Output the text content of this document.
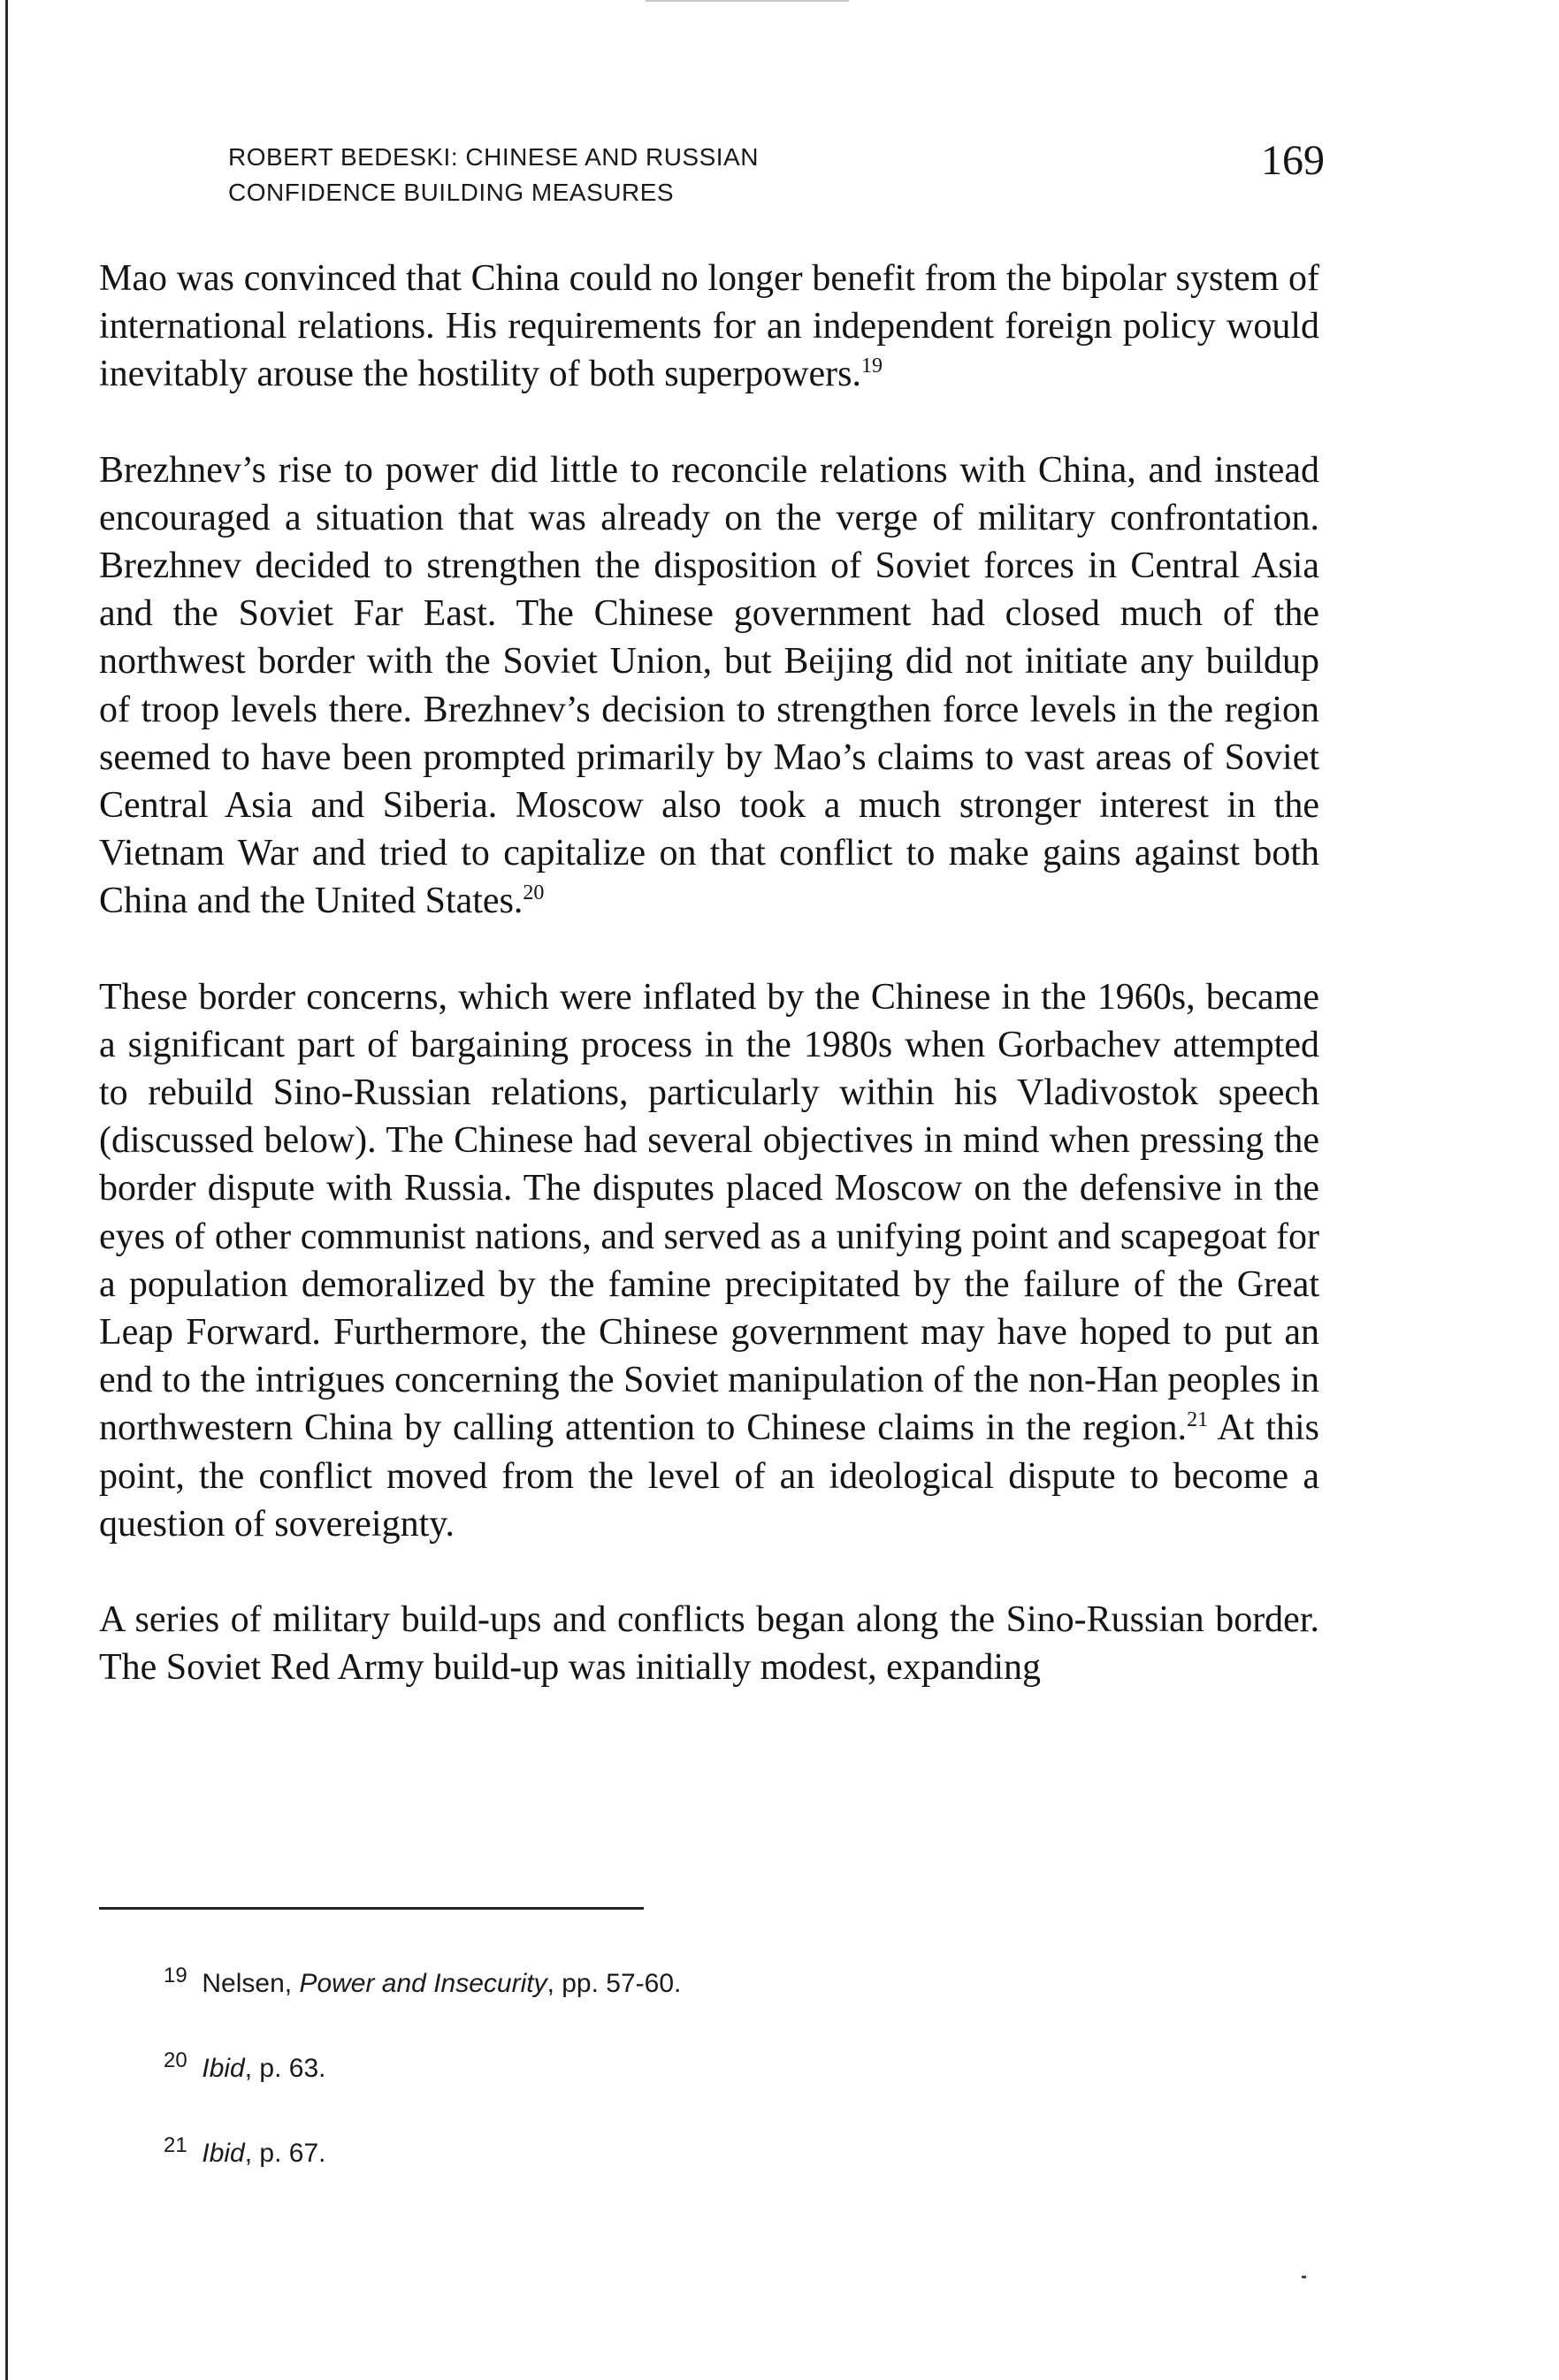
ROBERT BEDESKI: CHINESE AND RUSSIAN
CONFIDENCE BUILDING MEASURES
169

Mao was convinced that China could no longer benefit from the bipolar system of international relations. His requirements for an independent foreign policy would inevitably arouse the hostility of both superpowers.$^{19}$

Brezhnev’s rise to power did little to reconcile relations with China, and instead encouraged a situation that was already on the verge of military confrontation. Brezhnev decided to strengthen the disposition of Soviet forces in Central Asia and the Soviet Far East. The Chinese government had closed much of the northwest border with the Soviet Union, but Beijing did not initiate any buildup of troop levels there. Brezhnev’s decision to strengthen force levels in the region seemed to have been prompted primarily by Mao’s claims to vast areas of Soviet Central Asia and Siberia. Moscow also took a much stronger interest in the Vietnam War and tried to capitalize on that conflict to make gains against both China and the United States.$^{20}$

These border concerns, which were inflated by the Chinese in the 1960s, became a significant part of bargaining process in the 1980s when Gorbachev attempted to rebuild Sino-Russian relations, particularly within his Vladivostok speech (discussed below). The Chinese had several objectives in mind when pressing the border dispute with Russia. The disputes placed Moscow on the defensive in the eyes of other communist nations, and served as a unifying point and scapegoat for a population demoralized by the famine precipitated by the failure of the Great Leap Forward. Furthermore, the Chinese government may have hoped to put an end to the intrigues concerning the Soviet manipulation of the non-Han peoples in northwestern China by calling attention to Chinese claims in the region.$^{21}$ At this point, the conflict moved from the level of an ideological dispute to become a question of sovereignty.

A series of military build-ups and conflicts began along the Sino-Russian border. The Soviet Red Army build-up was initially modest, expanding

$^{19}$ Nelsen, Power and Insecurity, pp. 57-60.
$^{20}$ Ibid, p. 63.
$^{21}$ Ibid, p. 67.
